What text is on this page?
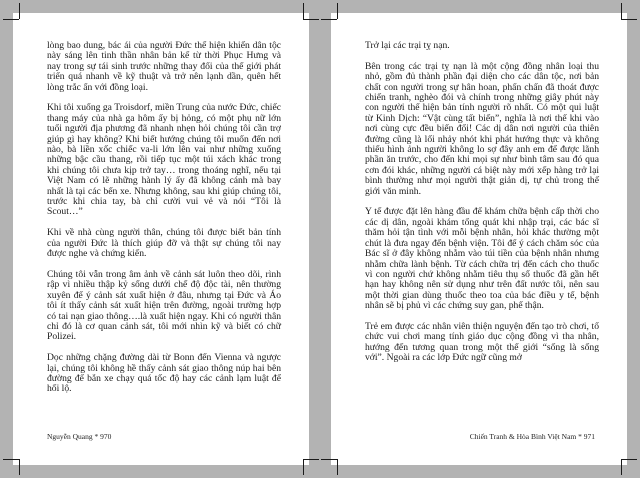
lòng bao dung, bác ái của người Đức thể hiện khiến dân tộc này sáng lên tinh thần nhân bản kể từ thời Phục Hưng và nay trong sự tái sinh trước những thay đổi của thế giới phát triển quá nhanh về kỹ thuật và trở nên lạnh dần, quên hết lòng trắc ẩn với đồng loại.

Khi tôi xuống ga Troisdorf, miền Trung của nước Đức, chiếc thang máy của nhà ga hôm ấy bị hỏng, có một phụ nữ lớn tuổi người địa phương đã nhanh nhẹn hỏi chúng tôi cần trợ giúp gì hay không? Khi biết hướng chúng tôi muốn đến nơi nào, bà liền xốc chiếc va-li lớn lên vai như những xuống những bậc cầu thang, rồi tiếp tục một túi xách khác trong khi chúng tôi chưa kịp trở tay… trong thoáng nghĩ, nếu tại Việt Nam có lẽ những hành lý ấy đã không cánh mà bay nhất là tại các bến xe. Nhưng không, sau khi giúp chúng tôi, trước khi chia tay, bà chỉ cười vui vẻ và nói “Tôi là Scout…”

Khi về nhà cùng người thân, chúng tôi được biết bản tính của người Đức là thích giúp đỡ và thật sự chúng tôi nay được nghe và chứng kiến.

Chúng tôi vẫn trong âm ảnh về cảnh sát luôn theo dõi, rình rập vì nhiều thập kỷ sống dưới chế độ độc tài, nên thường xuyên để ý cảnh sát xuất hiện ở đâu, nhưng tại Đức và Áo tôi ít thấy cảnh sát xuất hiện trên đường, ngoài trường hợp có tai nạn giao thông….là xuất hiện ngay. Khi có người thân chỉ đó là cơ quan cảnh sát, tôi mới nhìn kỹ và biết có chữ Polizei.

Dọc những chặng đường dài từ Bonn đến Vienna và ngược lại, chúng tôi không hề thấy cảnh sát giao thông núp hai bên đường để bắn xe chạy quá tốc độ hay các cảnh lạm luật để hối lộ.

Nguyễn Quang * 970

Trở lại các trại tỵ nạn.

Bên trong các trại tỵ nạn là một cộng đồng nhân loại thu nhỏ, gồm đủ thành phần đại diện cho các dân tộc, nơi bản chất con người trong sự hân hoan, phấn chấn đã thoát được chiến tranh, nghèo đói và chính trong những giây phút này con người thể hiện bản tính người rõ nhất. Có một qui luật từ Kinh Dịch: “Vật cùng tất biến”, nghĩa là nơi thế khi vào nơi cùng cực đều biến đổi! Các dị dân nơi người của thiên đường cũng là lối nhảy nhót khi phát hướng thực và không thiếu hình ảnh người không lo sợ đây anh em để được lãnh phần ăn trước, cho đến khi mọi sự như bình tâm sau đó qua cơn đói khác, những người cá biệt này mới xếp hàng trở lại bình thường như mọi người thật giản dị, tự chủ trong thế giới văn minh.

Y tế được đặt lên hàng đầu để khám chữa bệnh cấp thời cho các dị dân, ngoài khám tổng quát khi nhập trại, các bác sĩ thăm hỏi tận tình với mỗi bệnh nhân, hỏi khác thường một chút là đưa ngay đến bệnh viện. Tôi để ý cách chăm sóc của Bác sĩ ở đây không nhằm vào túi tiền của bệnh nhân nhưng nhằm chữa lành bệnh. Từ cách chữa trị đến cách cho thuốc vì con người chứ không nhằm tiêu thụ số thuốc đã gần hết hạn hay không nên sử dụng như trên đất nước tôi, nên sau một thời gian dùng thuốc theo toa của bác điều y tế, bệnh nhân sẽ bị phủ vì các chứng suy gan, phế thận.

Trẻ em được các nhân viên thiện nguyện đến tạo trò chơi, tổ chức vui chơi mang tính giáo dục cộng đồng vì tha nhân, hướng đến tương quan trong một thế giới “sống là sống với”. Ngoài ra các lớp Đức ngữ cũng mở

Chiến Tranh & Hòa Bình Việt Nam * 971
